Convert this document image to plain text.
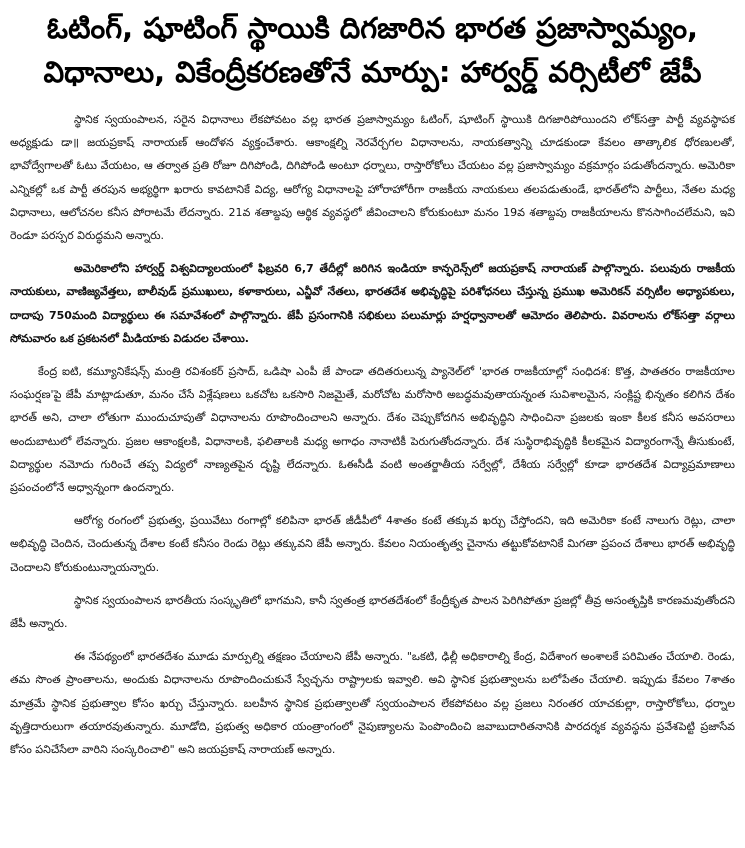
ఓటింగ్, షూటింగ్ స్థాయికి దిగజారిన భారత ప్రజాస్వామ్యం,
విధానాలు, వికేంద్రీకరణతోనే మార్పు: హార్వర్డ్ వర్సిటీలో జేపీ

స్థానిక స్వయంపాలన, సరైన విధానాలు లేకపోవటం వల్ల భారత ప్రజాస్వామ్యం ఓటింగ్, షూటింగ్ స్థాయికి దిగజారిపోయిందని లోక్‌సత్తా పార్టీ వ్యవస్థాపక అధ్యక్షుడు డా॥ జయప్రకాష్ నారాయణ్ ఆందోళన వ్యక్తంచేశారు. ఆకాంక్షల్ని నెరవేర్చగల విధానాలను, నాయకత్వాన్ని చూడకుండా కేవలం తాత్కాలిక ధోరణులతో, భావోద్వేగాలతో ఓటు వేయటం, ఆ తర్వాత ప్రతి రోజూ దిగిపోండి, దిగిపోండి అంటూ ధర్నాలు, రాస్తారోకోలు చేయటం వల్ల ప్రజాస్వామ్యం వక్రమార్గం పడుతోందన్నారు. అమెరికా ఎన్నికల్లో ఒక పార్టీ తరపున అభ్యర్థిగా ఖరారు కావటానికే విద్య, ఆరోగ్య విధానాలపై హోరాహోరీగా రాజకీయ నాయకులు తలపడుతుండే, భారత్‌లోని పార్టీలు, నేతల మధ్య విధానాలు, ఆలోచనల కనీస పోరాటమే లేదన్నారు. 21వ శతాబ్దపు ఆర్థిక వ్యవస్థలో జీవించాలని కోరుకుంటూ మనం 19వ శతాబ్దపు రాజకీయాలను కొనసాగించలేమని, ఇవి రెండూ పరస్పర విరుద్ధమని అన్నారు.

అమెరికాలోని హార్వర్డ్ విశ్వవిద్యాలయంలో ఫిబ్రవరి 6,7 తేదీల్లో జరిగిన ఇండియా కాన్ఫరెన్స్‌లో జయప్రకాష్ నారాయణ్ పాల్గొన్నారు. పలువురు రాజకీయ నాయకులు, వాణిజ్యవేత్తలు, బాలీవుడ్ ప్రముఖులు, కళాకారులు, ఎన్జీవో నేతలు, భారతదేశ అభివృద్ధిపై పరిశోధనలు చేస్తున్న ప్రముఖ అమెరికన్ వర్సిటీల అధ్యాపకులు, దాదాపు 750మంది విద్యార్థులు ఈ సమావేశంలో పాల్గొన్నారు. జేపీ ప్రసంగానికి సభికులు పలుమార్లు హర్షధ్వానాలతో ఆమోదం తెలిపారు. వివరాలను లోక్‌సత్తా వర్గాలు సోమవారం ఒక ప్రకటనలో మీడియాకు విడుదల చేశాయి.

కేంద్ర ఐటి, కమ్యూనికేషన్స్ మంత్రి రవిశంకర్ ప్రసాద్, ఒడిషా ఎంపీ జే పాండా తదితరులున్న ప్యానెల్‌లో 'భారత రాజకీయాల్లో సంధిదశ: కొత్త, పాతతరం రాజకీయాల సంఘర్షణ'పై జేపీ మాట్లాడుతూ, మనం చేసే విశ్లేషణలు ఒకచోట ఒకసారి నిజమైతే, మరోచోట మరోసారి అబద్ధమవుతాయన్నంత సువిశాలమైన, సంక్లిష్ట భిన్నతం కలిగిన దేశం భారత్ అని, చాలా లోతుగా ముందుచూపుతో విధానాలను రూపొందించాలని అన్నారు. దేశం చెప్పుకోదగిన అభివృద్ధిని సాధించినా ప్రజలకు ఇంకా కీలక కనీస అవసరాలు అందుబాటులో లేవన్నారు. ప్రజల ఆకాంక్షలకి, విధానాలకి, ఫలితాలకి మధ్య అగాధం నానాటికీ పెరుగుతోందన్నారు. దేశ సుస్థిరాభివృద్ధికి కీలకమైన విద్యారంగాన్నే తీసుకుంటే, విద్యార్థుల నమోదు గురించే తప్ప విద్యలో నాణ్యతపైన దృష్టి లేదన్నారు. ఓఈసీడీ వంటి అంతర్జాతీయ సర్వేల్లో, దేశీయ సర్వేల్లో కూడా భారతదేశ విద్యాప్రమాణాలు ప్రపంచంలోనే అధ్వాన్నంగా ఉందన్నారు.

ఆరోగ్య రంగంలో ప్రభుత్వ, ప్రయివేటు రంగాల్లో కలిపినా భారత్ జీడీపీలో 4శాతం కంటే తక్కువ ఖర్చు చేస్తోందని, ఇది అమెరికా కంటే నాలుగు రెట్లు, చాలా అభివృద్ధి చెందిన, చెందుతున్న దేశాల కంటే కనీసం రెండు రెట్లు తక్కువని జేపీ అన్నారు. కేవలం నియంతృత్వ చైనాను తట్టుకోవటానికే మిగతా ప్రపంచ దేశాలు భారత్ అభివృద్ధి చెందాలని కోరుకుంటున్నాయన్నారు.

స్థానిక స్వయంపాలన భారతీయ సంస్కృతిలో భాగమని, కానీ స్వతంత్ర భారతదేశంలో కేంద్రీకృత పాలన పెరిగిపోతూ ప్రజల్లో తీవ్ర అసంతృప్తికి కారణమవుతోందని జేపీ అన్నారు.

ఈ నేపథ్యంలో భారతదేశం మూడు మార్పుల్ని తక్షణం చేయాలని జేపీ అన్నారు. "ఒకటి, ఢిల్లీ అధికారాల్ని కేంద్ర, విదేశాంగ అంశాలకే పరిమితం చేయాలి. రెండు, తమ సొంత ప్రాంతాలను, అందుకు విధానాలను రూపొందించుకునే స్వేచ్ఛను రాష్ట్రాలకు ఇవ్వాలి. అవి స్థానిక ప్రభుత్వాలను బలోపేతం చేయాలి. ఇప్పుడు కేవలం 7శాతం మాత్రమే స్థానిక ప్రభుత్వాల కోసం ఖర్చు చేస్తున్నారు. బలహీన స్థానిక ప్రభుత్వాలతో స్వయంపాలన లేకపోవటం వల్ల ప్రజలు నిరంతర యాచకుల్లా, రాస్తారోకోలు, ధర్నాల వృత్తిదారులుగా తయారవుతున్నారు. మూడోది, ప్రభుత్వ అధికార యంత్రాంగంలో నైపుణ్యాలను పెంపొందించి జవాబుదారితనానికి పారదర్శక వ్యవస్థను ప్రవేశపెట్టి ప్రజాసేవ కోసం పనిచేసేలా వారిని సంస్కరించాలి" అని జయప్రకాష్ నారాయణ్ అన్నారు.
